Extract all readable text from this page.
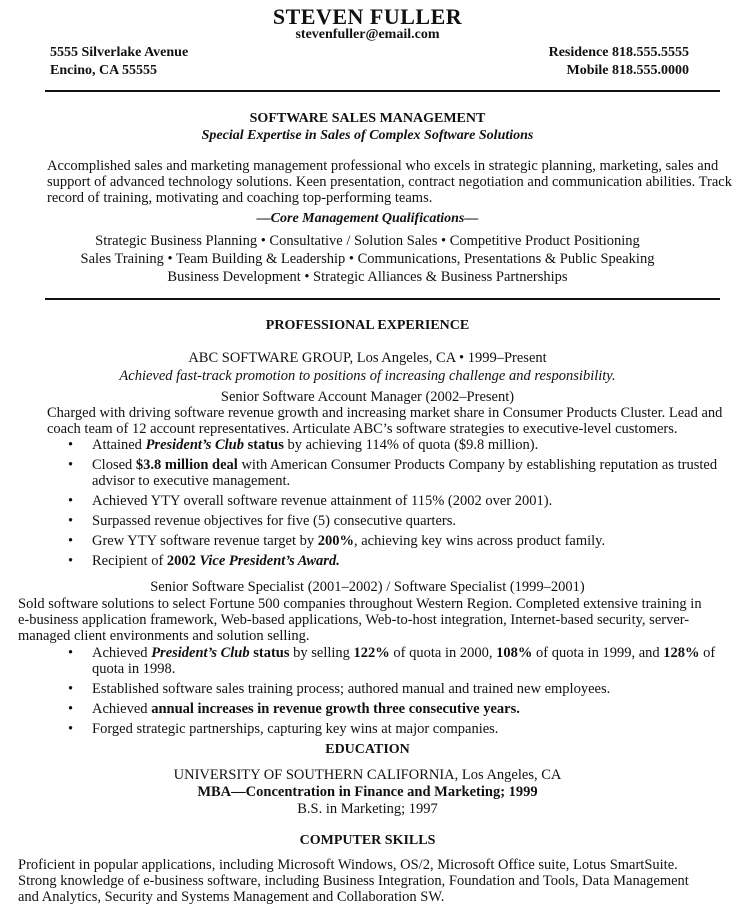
STEVEN FULLER
stevenfuller@email.com
5555 Silverlake Avenue
Encino, CA 55555
Residence 818.555.5555
Mobile 818.555.0000
SOFTWARE SALES MANAGEMENT
Special Expertise in Sales of Complex Software Solutions
Accomplished sales and marketing management professional who excels in strategic planning, marketing, sales and
support of advanced technology solutions. Keen presentation, contract negotiation and communication abilities. Track
record of training, motivating and coaching top-performing teams.
—Core Management Qualifications—
Strategic Business Planning • Consultative / Solution Sales • Competitive Product Positioning
Sales Training • Team Building & Leadership • Communications, Presentations & Public Speaking
Business Development • Strategic Alliances & Business Partnerships
PROFESSIONAL EXPERIENCE
ABC SOFTWARE GROUP, Los Angeles, CA • 1999–Present
Achieved fast-track promotion to positions of increasing challenge and responsibility.
Senior Software Account Manager (2002–Present)
Charged with driving software revenue growth and increasing market share in Consumer Products Cluster. Lead and
coach team of 12 account representatives. Articulate ABC’s software strategies to executive-level customers.
• Attained President’s Club status by achieving 114% of quota ($9.8 million).
• Closed $3.8 million deal with American Consumer Products Company by establishing reputation as trusted
advisor to executive management.
• Achieved YTY overall software revenue attainment of 115% (2002 over 2001).
• Surpassed revenue objectives for five (5) consecutive quarters.
• Grew YTY software revenue target by 200%, achieving key wins across product family.
• Recipient of 2002 Vice President’s Award.
Senior Software Specialist (2001–2002) / Software Specialist (1999–2001)
Sold software solutions to select Fortune 500 companies throughout Western Region. Completed extensive training in
e-business application framework, Web-based applications, Web-to-host integration, Internet-based security, server-
managed client environments and solution selling.
• Achieved President’s Club status by selling 122% of quota in 2000, 108% of quota in 1999, and 128% of
quota in 1998.
• Established software sales training process; authored manual and trained new employees.
• Achieved annual increases in revenue growth three consecutive years.
• Forged strategic partnerships, capturing key wins at major companies.
EDUCATION
UNIVERSITY OF SOUTHERN CALIFORNIA, Los Angeles, CA
MBA—Concentration in Finance and Marketing; 1999
B.S. in Marketing; 1997
COMPUTER SKILLS
Proficient in popular applications, including Microsoft Windows, OS/2, Microsoft Office suite, Lotus SmartSuite.
Strong knowledge of e-business software, including Business Integration, Foundation and Tools, Data Management
and Analytics, Security and Systems Management and Collaboration SW.
